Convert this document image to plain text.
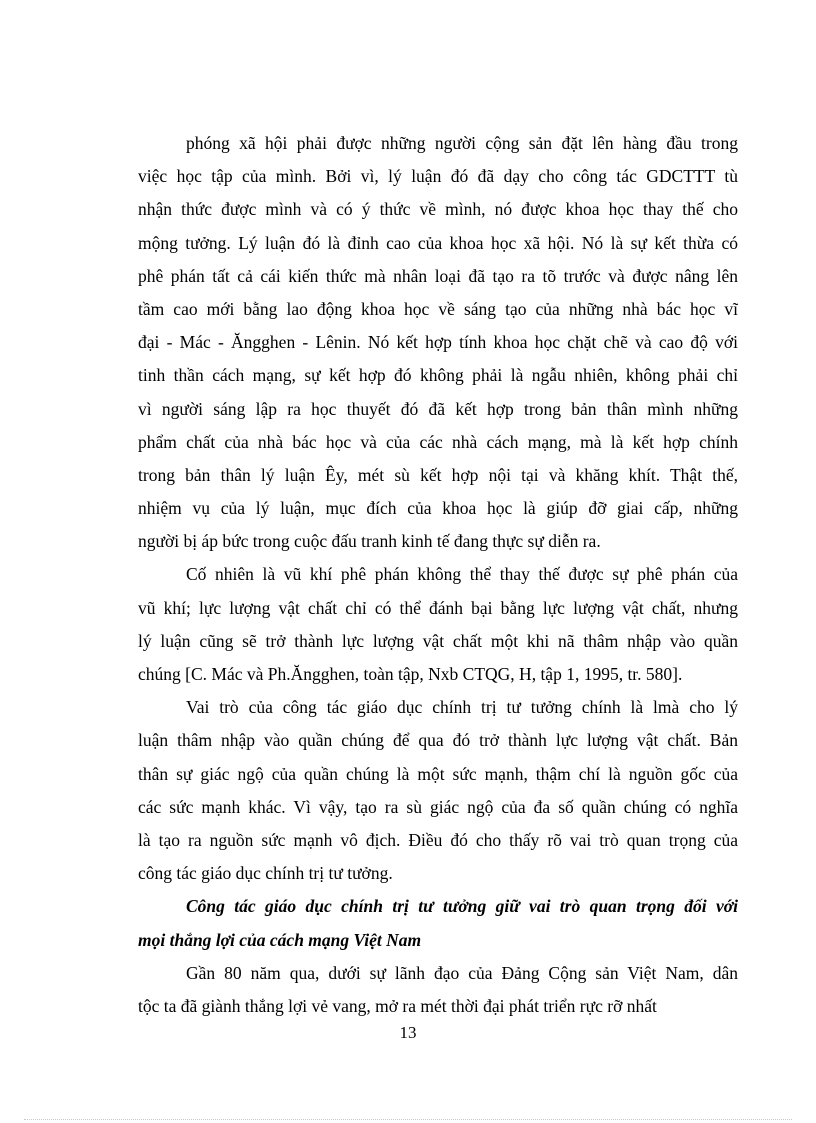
phóng xã hội phải được những người cộng sản đặt lên hàng đầu trong
việc học tập của mình. Bởi vì, lý luận đó đã dạy cho công tác GDCTTT tù
nhận thức được mình và có ý thức về mình, nó được khoa học thay thế cho
mộng tưởng. Lý luận đó là đỉnh cao của khoa học xã hội. Nó là sự kết thừa có
phê phán tất cả cái kiến thức mà nhân loại đã tạo ra tõ trước và được nâng lên
tầm cao mới bằng lao động khoa học về sáng tạo của những nhà bác học vĩ
đại - Mác - Ăngghen - Lênin. Nó kết hợp tính khoa học chặt chẽ và cao độ với
tinh thần cách mạng, sự kết hợp đó không phải là ngẫu nhiên, không phải chỉ
vì người sáng lập ra học thuyết đó đã kết hợp trong bản thân mình những
phẩm chất của nhà bác học và của các nhà cách mạng, mà là kết hợp chính
trong bản thân lý luận Êy, mét sù kết hợp nội tại và khăng khít. Thật thế,
nhiệm vụ của lý luận, mục đích của khoa học là giúp đỡ giai cấp, những
người bị áp bức trong cuộc đấu tranh kinh tế đang thực sự diễn ra.
Cố nhiên là vũ khí phê phán không thể thay thế được sự phê phán của
vũ khí; lực lượng vật chất chỉ có thể đánh bại bằng lực lượng vật chất, nhưng
lý luận cũng sẽ trở thành lực lượng vật chất một khi nã thâm nhập vào quần
chúng [C. Mác và Ph.Ăngghen, toàn tập, Nxb CTQG, H, tập 1, 1995, tr. 580].
Vai trò của công tác giáo dục chính trị tư tưởng chính là lmà cho lý
luận thâm nhập vào quần chúng để qua đó trở thành lực lượng vật chất. Bản
thân sự giác ngộ của quần chúng là một sức mạnh, thậm chí là nguồn gốc của
các sức mạnh khác. Vì vậy, tạo ra sù giác ngộ của đa số quần chúng có nghĩa
là tạo ra nguồn sức mạnh vô địch. Điều đó cho thấy rõ vai trò quan trọng của
công tác giáo dục chính trị tư tưởng.
Công tác giáo dục chính trị tư tưởng giữ vai trò quan trọng đối với
mọi thắng lợi của cách mạng Việt Nam
Gần 80 năm qua, dưới sự lãnh đạo của Đảng Cộng sản Việt Nam, dân
tộc ta đã giành thắng lợi vẻ vang, mở ra mét thời đại phát triển rực rỡ nhất
13
